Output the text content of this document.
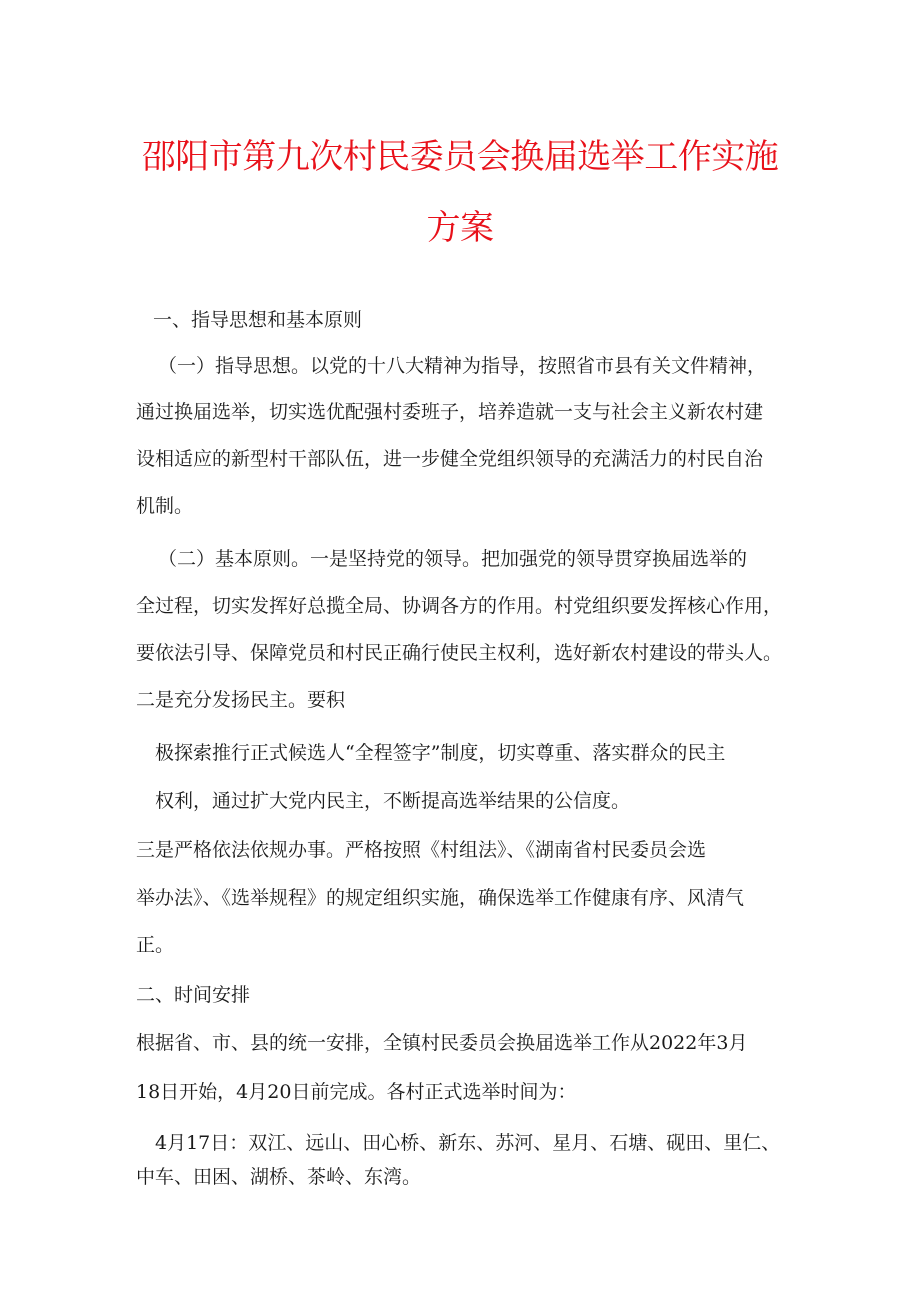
邵阳市第九次村民委员会换届选举工作实施
方案

一、指导思想和基本原则

（一）指导思想。以党的十八大精神为指导，按照省市县有关文件精神，

通过换届选举，切实选优配强村委班子，培养造就一支与社会主义新农村建

设相适应的新型村干部队伍，进一步健全党组织领导的充满活力的村民自治

机制。

（二）基本原则。一是坚持党的领导。把加强党的领导贯穿换届选举的

全过程，切实发挥好总揽全局、协调各方的作用。村党组织要发挥核心作用，

要依法引导、保障党员和村民正确行使民主权利，选好新农村建设的带头人。

二是充分发扬民主。要积

极探索推行正式候选人“全程签字”制度，切实尊重、落实群众的民主

权利，通过扩大党内民主，不断提高选举结果的公信度。

三是严格依法依规办事。严格按照《村组法》、《湖南省村民委员会选

举办法》、《选举规程》的规定组织实施，确保选举工作健康有序、风清气

正。

二、时间安排

根据省、市、县的统一安排，全镇村民委员会换届选举工作从2022年3月

18日开始，4月20日前完成。各村正式选举时间为：

4月17日：双江、远山、田心桥、新东、苏河、星月、石塘、砚田、里仁、

中车、田困、湖桥、茶岭、东湾。
